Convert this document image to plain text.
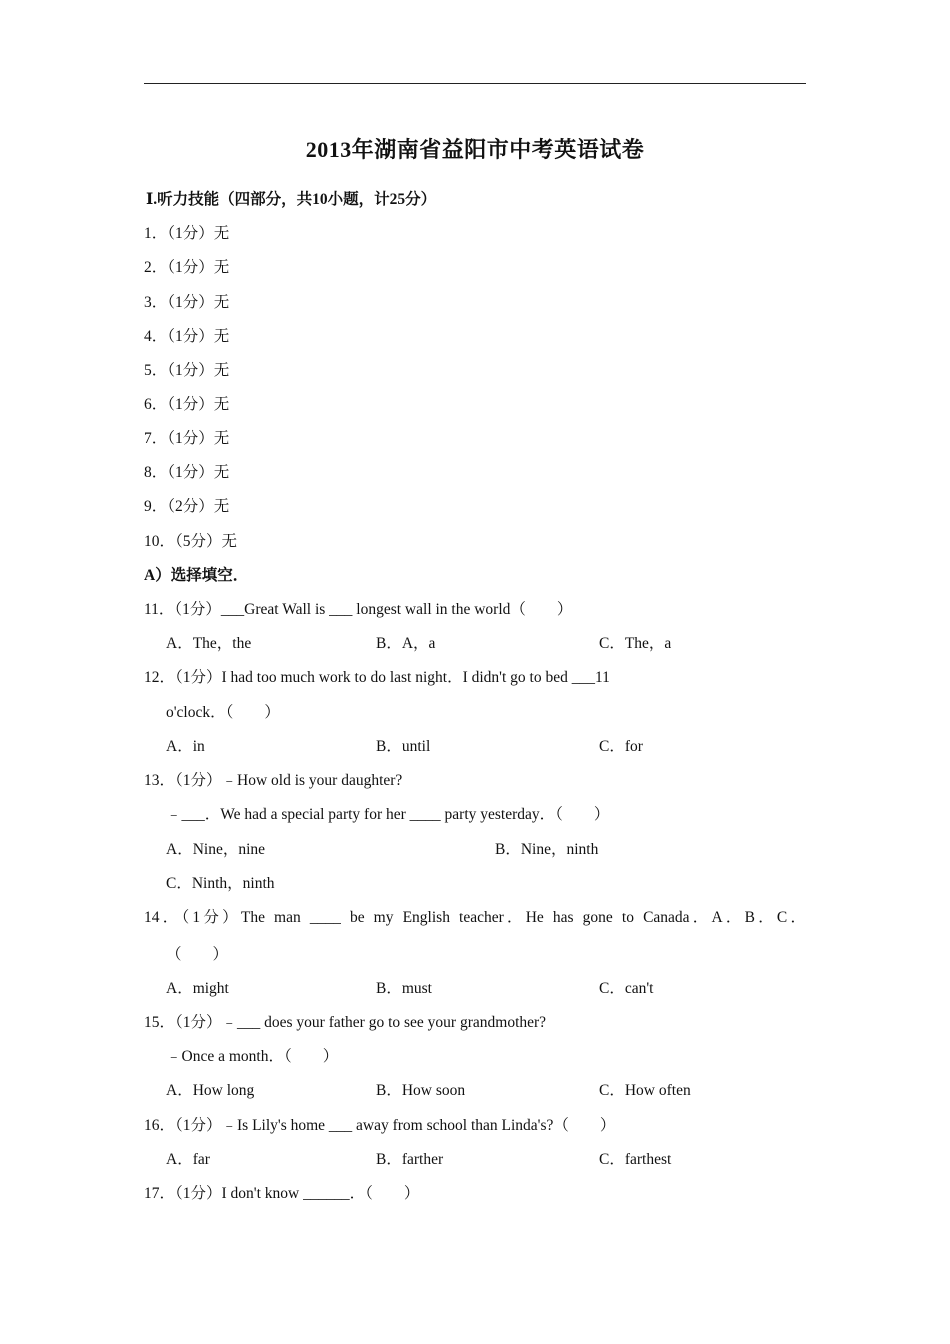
2013年湖南省益阳市中考英语试卷
Ⅰ.听力技能（四部分，共10小题，计25分）
1．（1分）无
2．（1分）无
3．（1分）无
4．（1分）无
5．（1分）无
6．（1分）无
7．（1分）无
8．（1分）无
9．（2分）无
10．（5分）无
A）选择填空．
11．（1分）___Great Wall is ___ longest wall in the world（　　）
A．The，the	B．A，a	C．The，a
12．（1分）I had too much work to do last night．I didn't go to bed ___11
o'clock．（　　）
A．in	B．until	C．for
13．（1分）﹣How old is your daughter?
﹣___．We had a special party for her ____ party yesterday．（　　）
A．Nine，nine	B．Nine，ninth
C．Ninth，ninth
14．（1分）The man ____ be my English teacher．He has gone to Canada．A．B．C．
（　　）
A．might	B．must	C．can't
15．（1分）﹣___ does your father go to see your grandmother?
﹣Once a month．（　　）
A．How long	B．How soon	C．How often
16．（1分）﹣Is Lily's home ___ away from school than Linda's?（　　）
A．far	B．farther	C．farthest
17．（1分）I don't know ______．（　　）
